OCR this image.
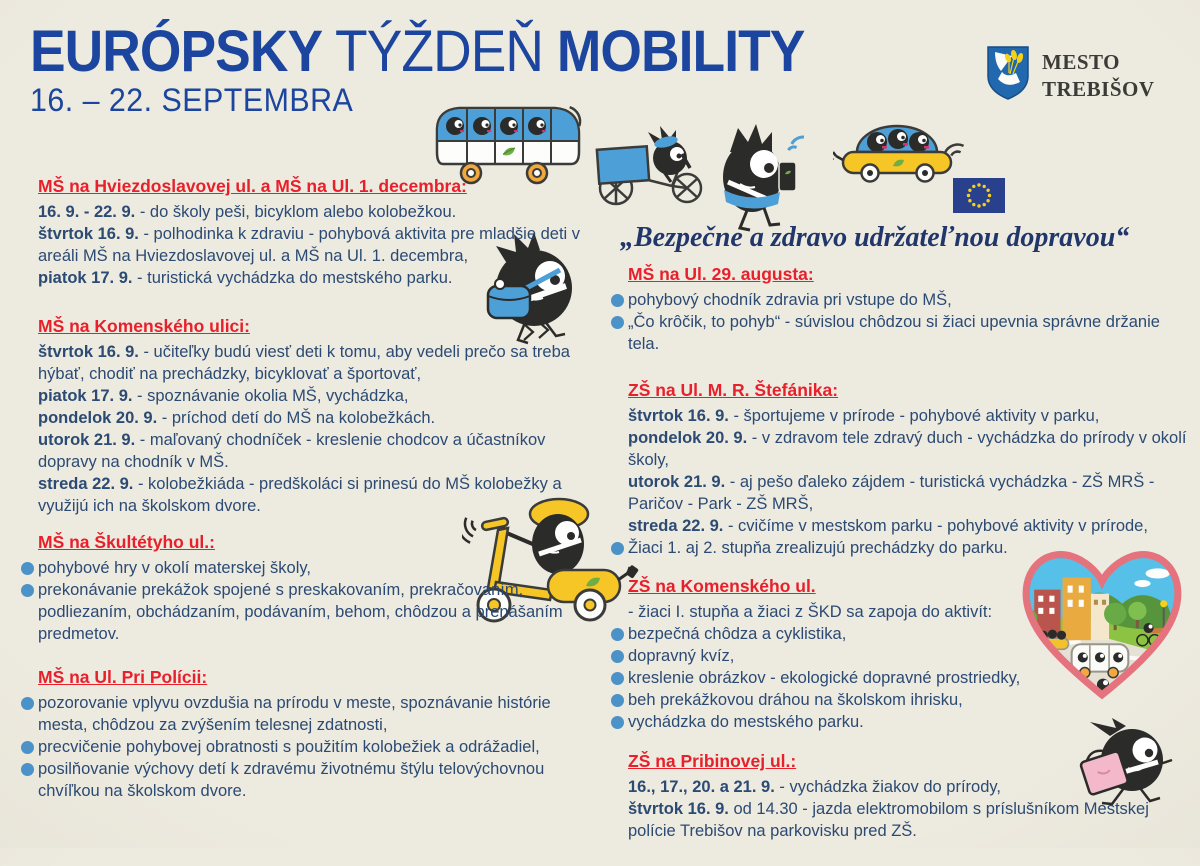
EURÓPSKY TÝŽDEŇ MOBILITY
16. – 22. SEPTEMBRA
MESTO
TREBIŠOV
„Bezpečne a zdravo udržateľnou dopravou“
MŠ na Hviezdoslavovej ul. a MŠ na Ul. 1. decembra:

16. 9. - 22. 9. - do školy peši, bicyklom alebo kolobežkou.

štvrtok 16. 9. - polhodinka k zdraviu - pohybová aktivita pre mladšie deti v areáli MŠ na Hviezdoslavovej ul. a MŠ na Ul. 1. decembra,

piatok 17. 9. - turistická vychádzka do mestského parku.

MŠ na Komenského ulici:

štvrtok 16. 9. - učiteľky budú viesť deti k tomu, aby vedeli prečo sa treba hýbať, chodiť na prechádzky, bicyklovať a športovať,

piatok 17. 9. - spoznávanie okolia MŠ, vychádzka,

pondelok 20. 9. - príchod detí do MŠ na kolobežkách.

utorok 21. 9. - maľovaný chodníček - kreslenie chodcov a účastníkov dopravy na chodník v MŠ.

streda 22. 9. - kolobežkiáda - predškoláci si prinesú do MŠ kolobežky a využijú ich na školskom dvore.

MŠ na Škultétyho ul.:

pohybové hry v okolí materskej školy,

prekonávanie prekážok spojené s preskakovaním, prekračovaním, podliezaním, obchádzaním, podávaním, behom, chôdzou a prenášaním predmetov.

MŠ na Ul. Pri Polícii:

pozorovanie vplyvu ovzdušia na prírodu v meste, spoznávanie histórie mesta, chôdzou za zvýšením telesnej zdatnosti,

precvičenie pohybovej obratnosti s použitím kolobežiek a odrážadiel,

posilňovanie výchovy detí k zdravému životnému štýlu telovýchovnou chvíľkou na školskom dvore.

MŠ na Ul. 29. augusta:

pohybový chodník zdravia pri vstupe do MŠ,

„Čo krôčik, to pohyb“ - súvislou chôdzou si žiaci upevnia správne držanie tela.

ZŠ na Ul. M. R. Štefánika:

štvrtok 16. 9. - športujeme v prírode - pohybové aktivity v parku,

pondelok 20. 9. - v zdravom tele zdravý duch - vychádzka do prírody v okolí školy,

utorok 21. 9. - aj pešo ďaleko zájdem - turistická vychádzka - ZŠ MRŠ - Paričov - Park - ZŠ MRŠ,

streda 22. 9. - cvičíme v mestskom parku - pohybové aktivity v prírode,

Žiaci 1. aj 2. stupňa zrealizujú prechádzky do parku.

ZŠ na Komenského ul.

- žiaci I. stupňa a žiaci z ŠKD sa zapoja do aktivít:

bezpečná chôdza a cyklistika,

dopravný kvíz,

kreslenie obrázkov - ekologické dopravné prostriedky,

beh prekážkovou dráhou na školskom ihrisku,

vychádzka do mestského parku.

ZŠ na Pribinovej ul.:

16., 17., 20. a 21. 9. - vychádzka žiakov do prírody,

štvrtok 16. 9. od 14.30 - jazda elektromobilom s príslušníkom Mestskej polície Trebišov na parkovisku pred ZŠ.
